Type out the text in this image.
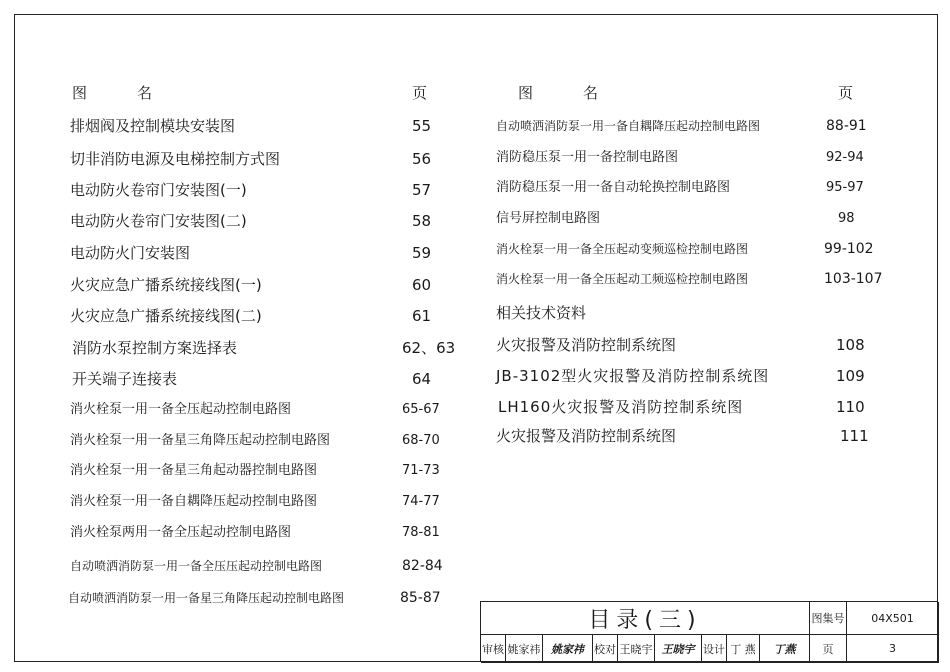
图名	页
排烟阀及控制模块安装图	55
切非消防电源及电梯控制方式图	56
电动防火卷帘门安装图(一)	57
电动防火卷帘门安装图(二)	58
电动防火门安装图	59
火灾应急广播系统接线图(一)	60
火灾应急广播系统接线图(二)	61
消防水泵控制方案选择表	62、63
开关端子连接表	64
消火栓泵一用一备全压起动控制电路图	65-67
消火栓泵一用一备星三角降压起动控制电路图	68-70
消火栓泵一用一备星三角起动器控制电路图	71-73
消火栓泵一用一备自耦降压起动控制电路图	74-77
消火栓泵两用一备全压起动控制电路图	78-81
自动喷洒消防泵一用一备全压压起动控制电路图	82-84
自动喷洒消防泵一用一备星三角降压起动控制电路图	85-87
图名	页
自动喷洒消防泵一用一备自耦降压起动控制电路图	88-91
消防稳压泵一用一备控制电路图	92-94
消防稳压泵一用一备自动轮换控制电路图	95-97
信号屏控制电路图	98
消火栓泵一用一备全压起动变频巡检控制电路图	99-102
消火栓泵一用一备全压起动工频巡检控制电路图	103-107
相关技术资料
火灾报警及消防控制系统图	108
JB-3102型火灾报警及消防控制系统图	109
LH160火灾报警及消防控制系统图	110
火灾报警及消防控制系统图	111
目录(三)	图集号	04X501
审核 姚家祎 姚家祎 校对 王晓宇 王晓宇 设计 丁 燕	丁燕	页	3
